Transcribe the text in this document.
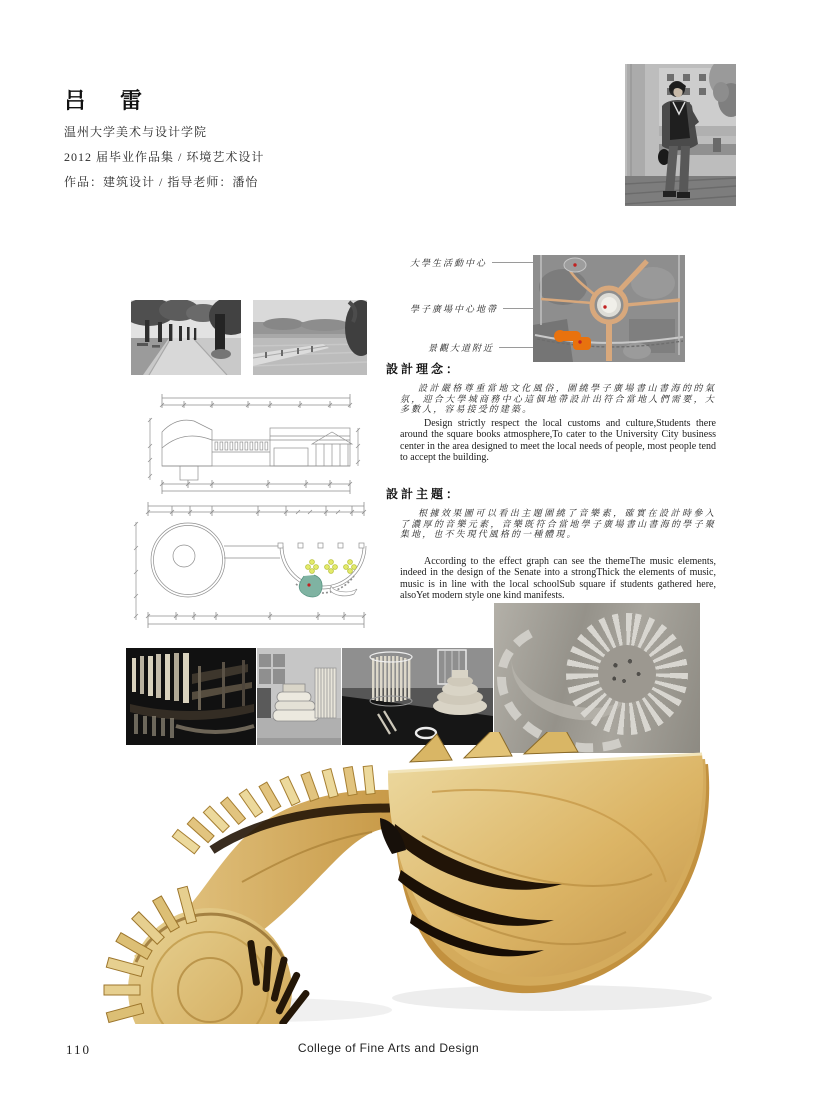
吕　雷
温州大学美术与设计学院
2012 届毕业作品集 / 环境艺术设计
作品：建筑设计 / 指导老师：潘怡
大學生活動中心
學子廣場中心地帶
景觀大道附近
設計理念：

設計嚴格尊重當地文化風俗，圍繞學子廣場書山書海的的氣氛，迎合大學城商務中心這個地帶設計出符合當地人們需要，大多數人，容易接受的建築。

Design strictly respect the local customs and culture,Students there around the square books atmosphere,To cater to the University City business center in the area designed to meet the local needs of people, most people tend to accept the building.

設計主題：

根據效果圖可以看出主題圍繞了音樂素，確實在設計時參入了濃厚的音樂元素，音樂既符合當地學子廣場書山書海的學子聚集地，也不失現代風格的一種體現。

According to the effect graph can see the themeThe music elements, indeed in the design of the Senate into a strongThick the elements of music, music is in line with the local schoolSub square if students gathered here, alsoYet modern style one kind manifests.

110	College of Fine Arts and Design
